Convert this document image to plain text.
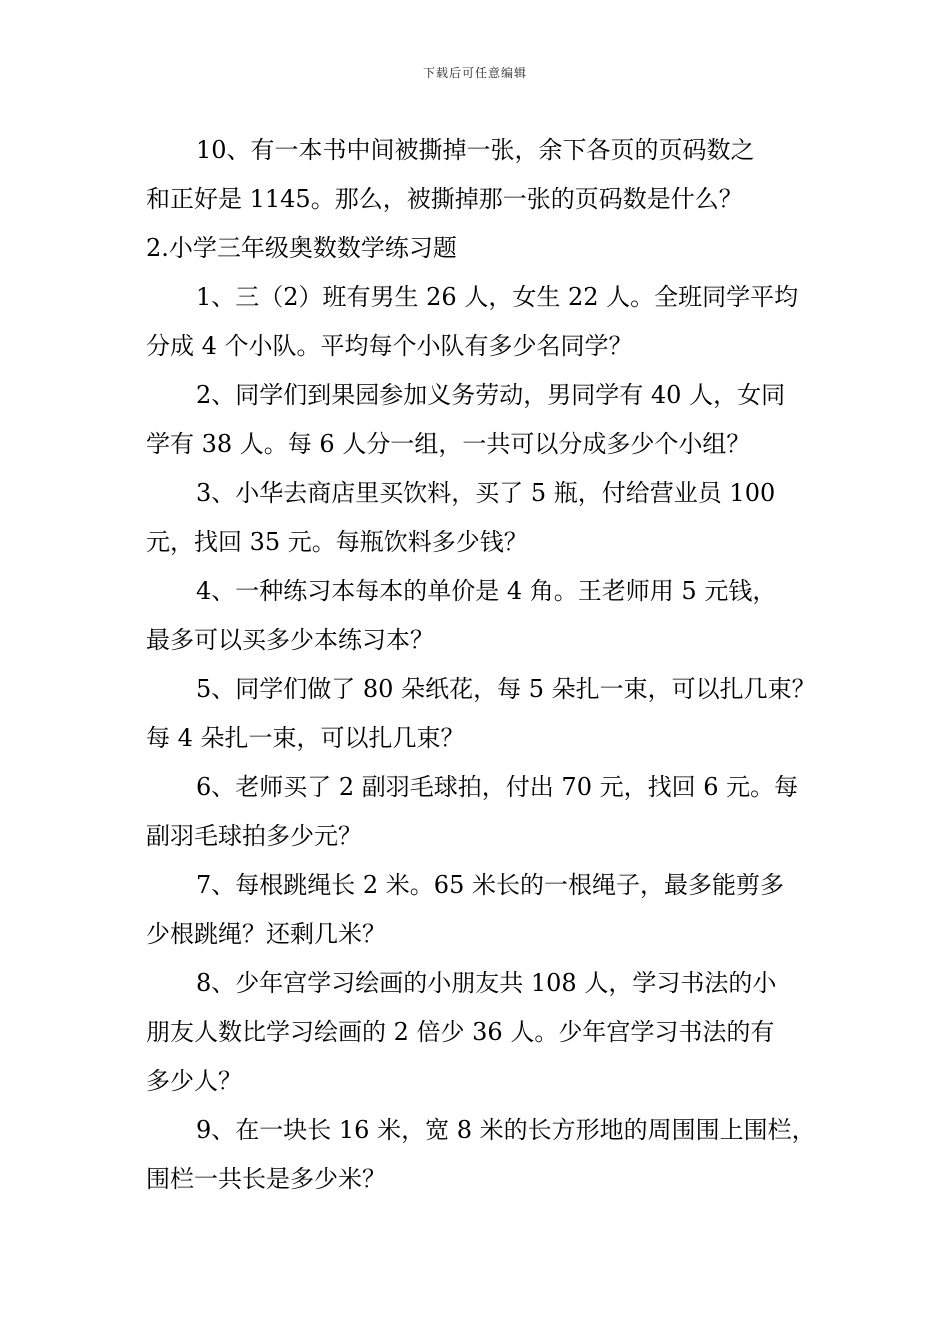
下载后可任意编辑

10、有一本书中间被撕掉一张，余下各页的页码数之

和正好是 1145。那么，被撕掉那一张的页码数是什么？

2.小学三年级奥数数学练习题

1、三（2）班有男生 26 人，女生 22 人。全班同学平均

分成 4 个小队。平均每个小队有多少名同学？

2、同学们到果园参加义务劳动，男同学有 40 人，女同

学有 38 人。每 6 人分一组，一共可以分成多少个小组？

3、小华去商店里买饮料，买了 5 瓶，付给营业员 100

元，找回 35 元。每瓶饮料多少钱？

4、一种练习本每本的单价是 4 角。王老师用 5 元钱，

最多可以买多少本练习本？

5、同学们做了 80 朵纸花，每 5 朵扎一束，可以扎几束？

每 4 朵扎一束，可以扎几束？

6、老师买了 2 副羽毛球拍，付出 70 元，找回 6 元。每

副羽毛球拍多少元？

7、每根跳绳长 2 米。65 米长的一根绳子，最多能剪多

少根跳绳？还剩几米？

8、少年宫学习绘画的小朋友共 108 人，学习书法的小

朋友人数比学习绘画的 2 倍少 36 人。少年宫学习书法的有

多少人？

9、在一块长 16 米，宽 8 米的长方形地的周围围上围栏，

围栏一共长是多少米？
